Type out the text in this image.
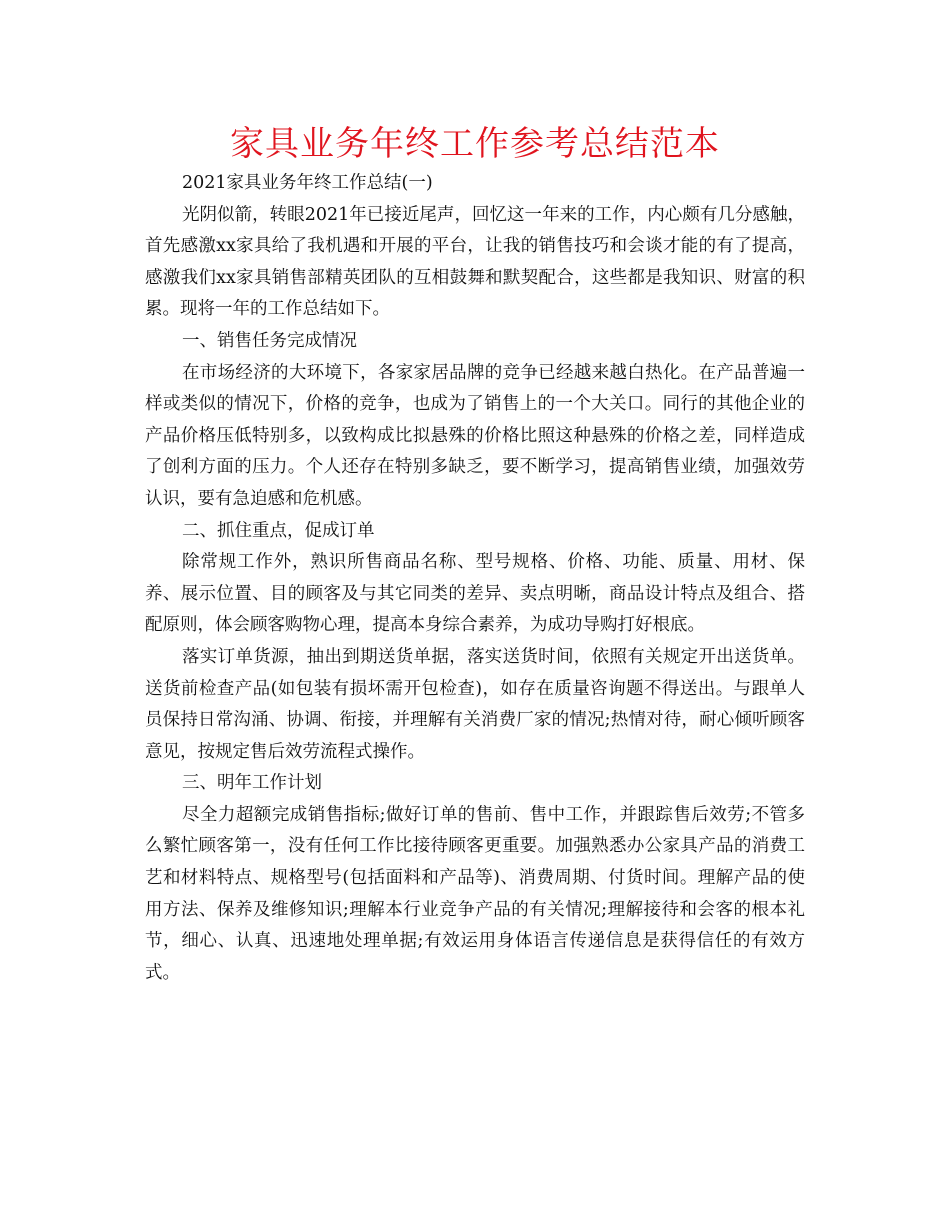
家具业务年终工作参考总结范本

2021家具业务年终工作总结(一)

光阴似箭，转眼2021年已接近尾声，回忆这一年来的工作，内心颇有几分感触，首先感激xx家具给了我机遇和开展的平台，让我的销售技巧和会谈才能的有了提高，感激我们xx家具销售部精英团队的互相鼓舞和默契配合，这些都是我知识、财富的积累。现将一年的工作总结如下。

一、销售任务完成情况

在市场经济的大环境下，各家家居品牌的竞争已经越来越白热化。在产品普遍一样或类似的情况下，价格的竞争，也成为了销售上的一个大关口。同行的其他企业的产品价格压低特别多，以致构成比拟悬殊的价格比照这种悬殊的价格之差，同样造成了创利方面的压力。个人还存在特别多缺乏，要不断学习，提高销售业绩，加强效劳认识，要有急迫感和危机感。

二、抓住重点，促成订单

除常规工作外，熟识所售商品名称、型号规格、价格、功能、质量、用材、保养、展示位置、目的顾客及与其它同类的差异、卖点明晰，商品设计特点及组合、搭配原则，体会顾客购物心理，提高本身综合素养，为成功导购打好根底。

落实订单货源，抽出到期送货单据，落实送货时间，依照有关规定开出送货单。送货前检查产品(如包装有损坏需开包检查)，如存在质量咨询题不得送出。与跟单人员保持日常沟涌、协调、衔接，并理解有关消费厂家的情况;热情对待，耐心倾听顾客意见，按规定售后效劳流程式操作。

三、明年工作计划

尽全力超额完成销售指标;做好订单的售前、售中工作，并跟踪售后效劳;不管多么繁忙顾客第一，没有任何工作比接待顾客更重要。加强熟悉办公家具产品的消费工艺和材料特点、规格型号(包括面料和产品等)、消费周期、付货时间。理解产品的使用方法、保养及维修知识;理解本行业竞争产品的有关情况;理解接待和会客的根本礼节，细心、认真、迅速地处理单据;有效运用身体语言传递信息是获得信任的有效方式。
